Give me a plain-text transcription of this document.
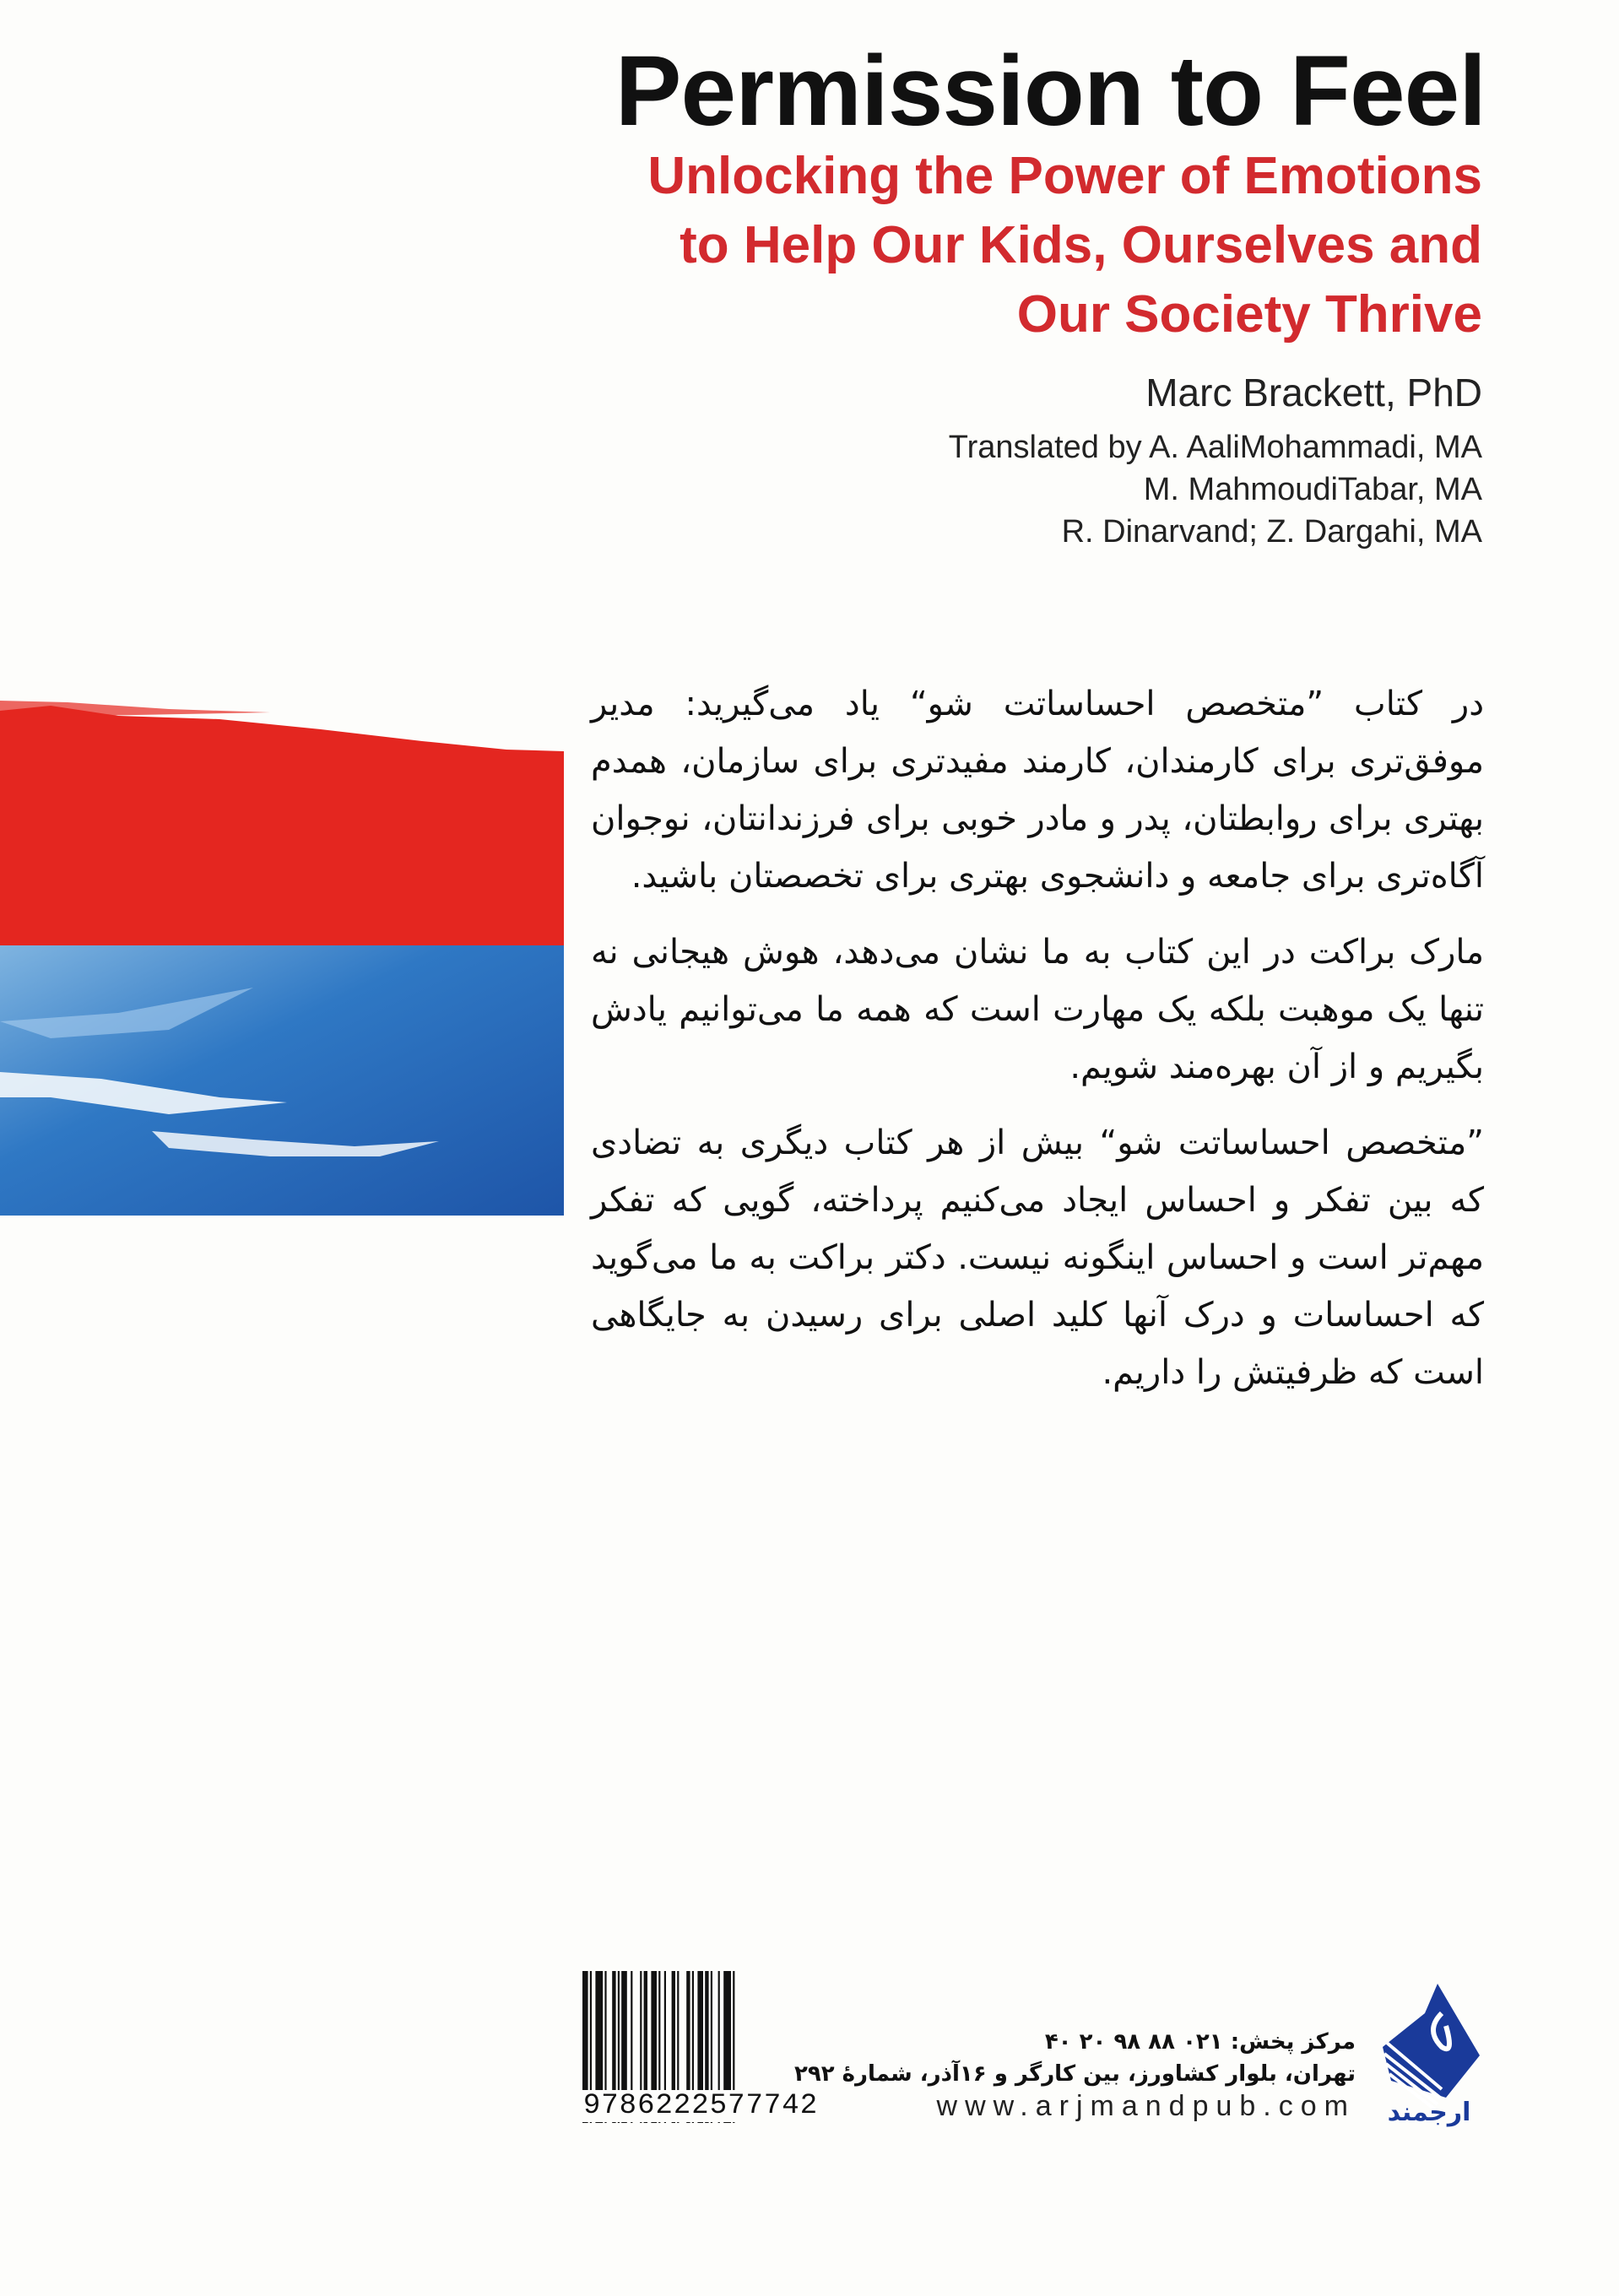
Permission to Feel
Unlocking the Power of Emotions
to Help Our Kids, Ourselves and
Our Society Thrive
Marc Brackett, PhD
Translated by A. AaliMohammadi, MA
M. MahmoudiTabar, MA
R. Dinarvand; Z. Dargahi, MA

در کتاب ”متخصص احساساتت شو“ یاد می‌گیرید: مدیر موفق‌تری برای کارمندان، کارمند مفیدتری برای سازمان، همدم بهتری برای روابطتان، پدر و مادر خوبی برای فرزندانتان، نوجوان آگاه‌تری برای جامعه و دانشجوی بهتری برای تخصصتان باشید.

مارک براکت در این کتاب به ما نشان می‌دهد، هوش هیجانی نه تنها یک موهبت بلکه یک مهارت است که همه ما می‌توانیم یادش بگیریم و از آن بهره‌مند شویم.

”متخصص احساساتت شو“ بیش از هر کتاب دیگری به تضادی که بین تفکر و احساس ایجاد می‌کنیم پرداخته، گویی که تفکر مهم‌تر است و احساس اینگونه نیست. دکتر براکت به ما می‌گوید که احساسات و درک آنها کلید اصلی برای رسیدن به جایگاهی است که ظرفیتش را داریم.

9786222577742
مرکز پخش: ۰۲۱ ۸۸ ۹۸ ۲۰ ۴۰
تهران، بلوار کشاورز، بین کارگر و ۱۶آذر، شمارهٔ ۲۹۲
www.arjmandpub.com	ارجمند
